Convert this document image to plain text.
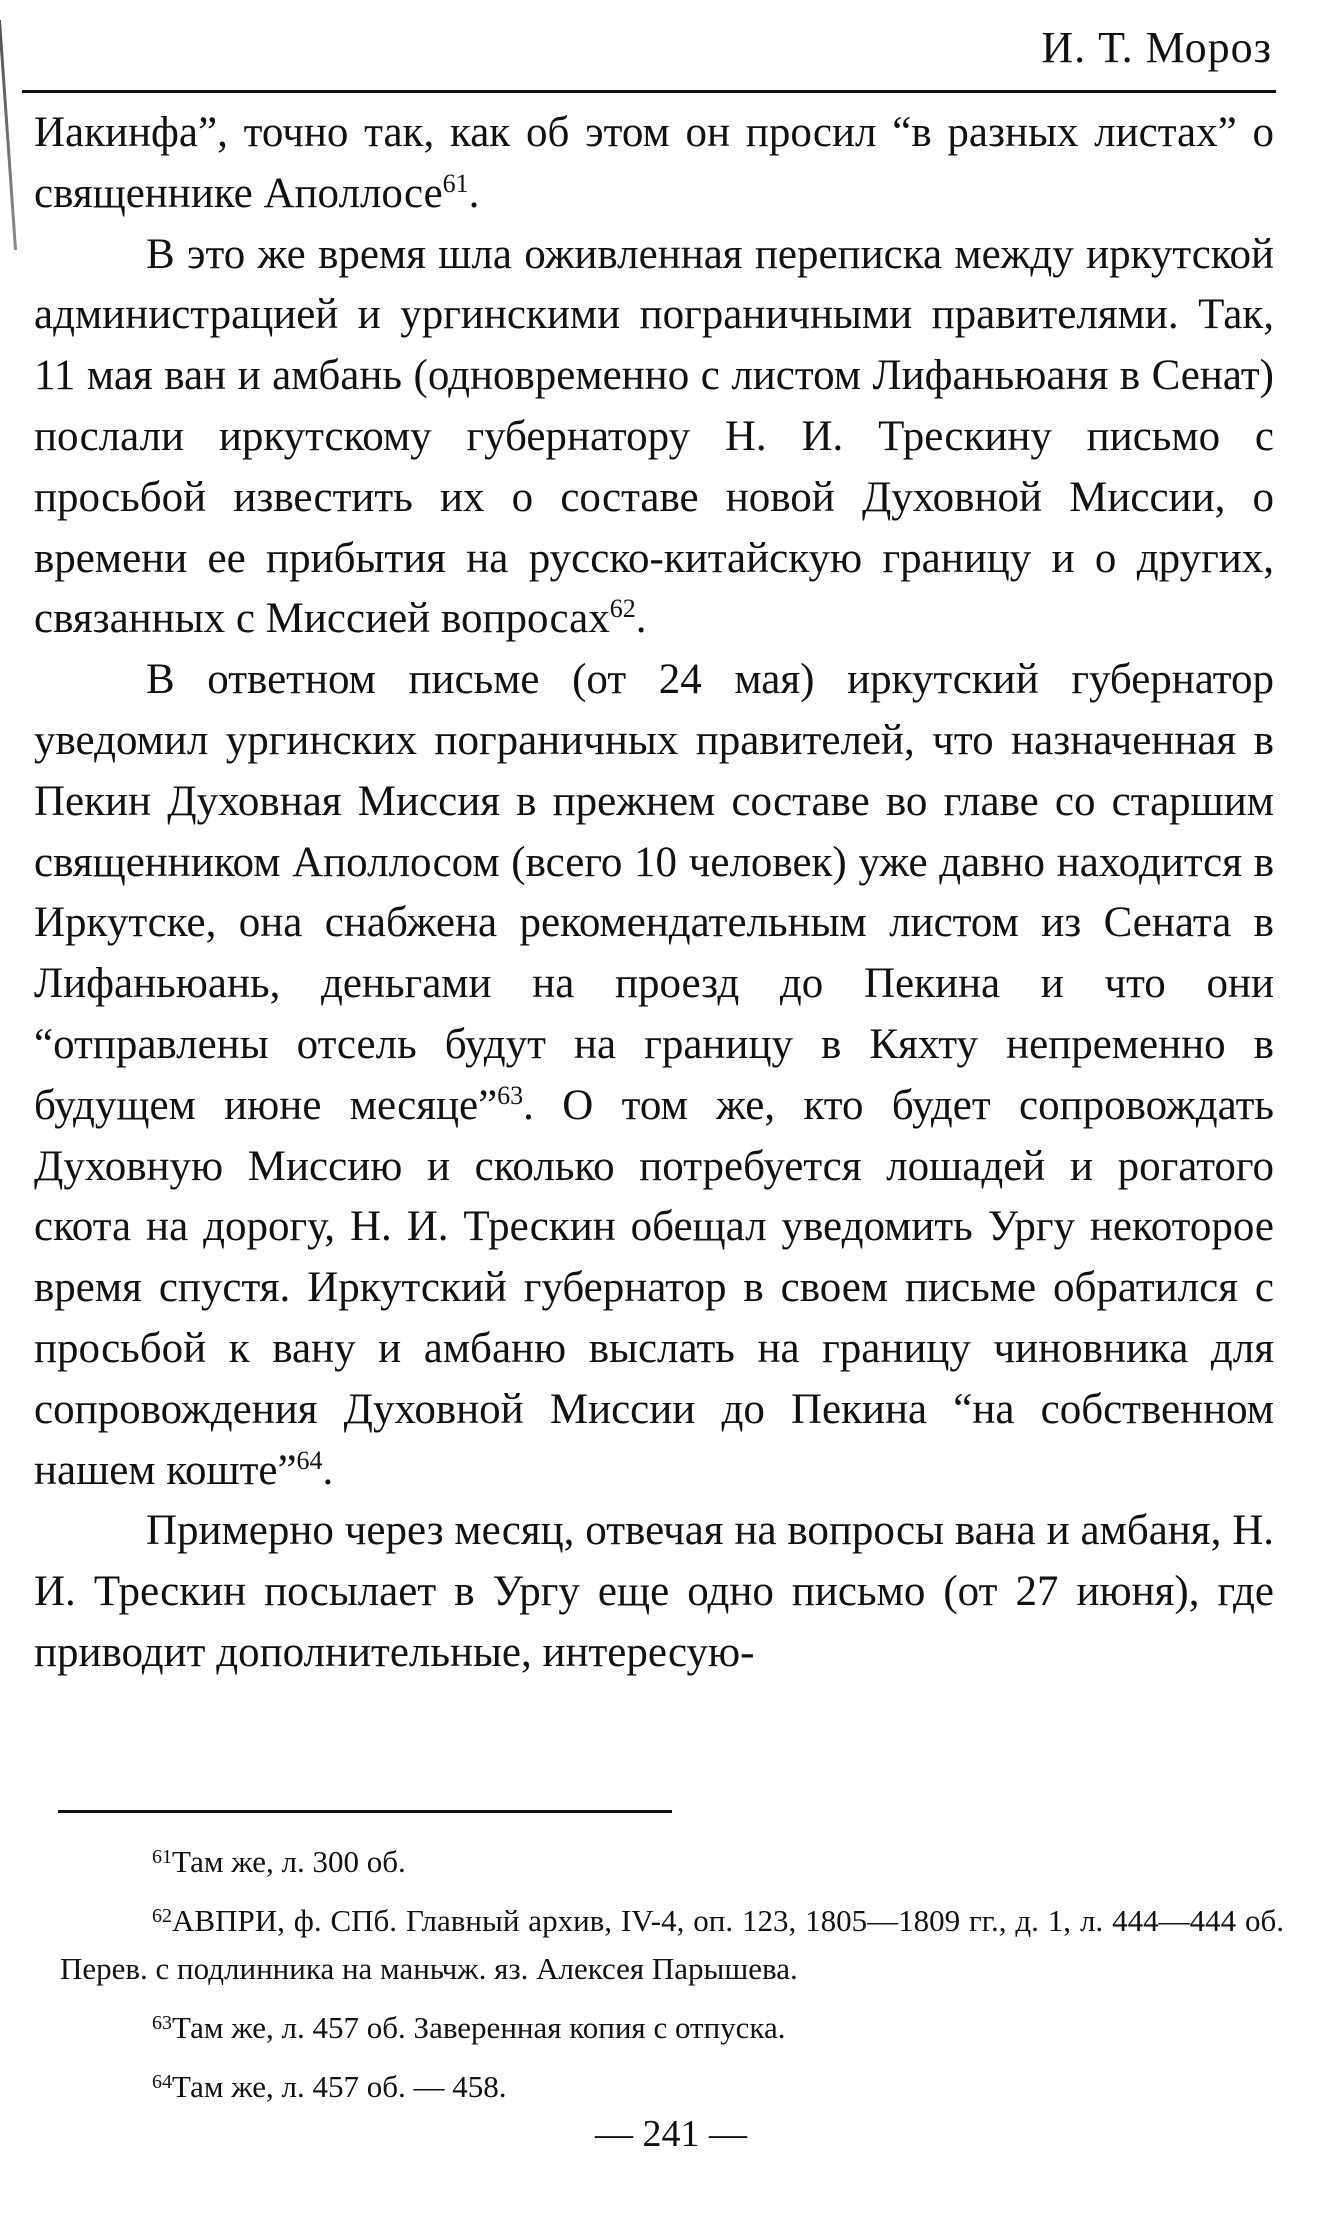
И. Т. Мороз

Иакинфа”, точно так, как об этом он просил “в разных листах” о священнике Аполлосе$^{61}$.

В это же время шла оживленная переписка между иркутской администрацией и ургинскими пограничными правителями. Так, 11 мая ван и амбань (одновременно с листом Лифаньюаня в Сенат) послали иркутскому губернатору Н. И. Трескину письмо с просьбой известить их о составе новой Духовной Миссии, о времени ее прибытия на русско-китайскую границу и о других, связанных с Миссией вопросах$^{62}$.

В ответном письме (от 24 мая) иркутский губернатор уведомил ургинских пограничных правителей, что назначенная в Пекин Духовная Миссия в прежнем составе во главе со старшим священником Аполлосом (всего 10 человек) уже давно находится в Иркутске, она снабжена рекомендательным листом из Сената в Лифаньюань, деньгами на проезд до Пекина и что они “отправлены отсель будут на границу в Кяхту непременно в будущем июне месяце”$^{63}$. О том же, кто будет сопровождать Духовную Миссию и сколько потребуется лошадей и рогатого скота на дорогу, Н. И. Трескин обещал уведомить Ургу некоторое время спустя. Иркутский губернатор в своем письме обратился с просьбой к вану и амбаню выслать на границу чиновника для сопровождения Духовной Миссии до Пекина “на собственном нашем коште”$^{64}$.

Примерно через месяц, отвечая на вопросы вана и амбаня, Н. И. Трескин посылает в Ургу еще одно письмо (от 27 июня), где приводит дополнительные, интересую-

$^{61}$Там же, л. 300 об.

$^{62}$АВПРИ, ф. СПб. Главный архив, IV-4, оп. 123, 1805—1809 гг., д. 1, л. 444—444 об. Перев. с подлинника на маньчж. яз. Алексея Парышева.

$^{63}$Там же, л. 457 об. Заверенная копия с отпуска.

$^{64}$Там же, л. 457 об. — 458.

— 241 —
